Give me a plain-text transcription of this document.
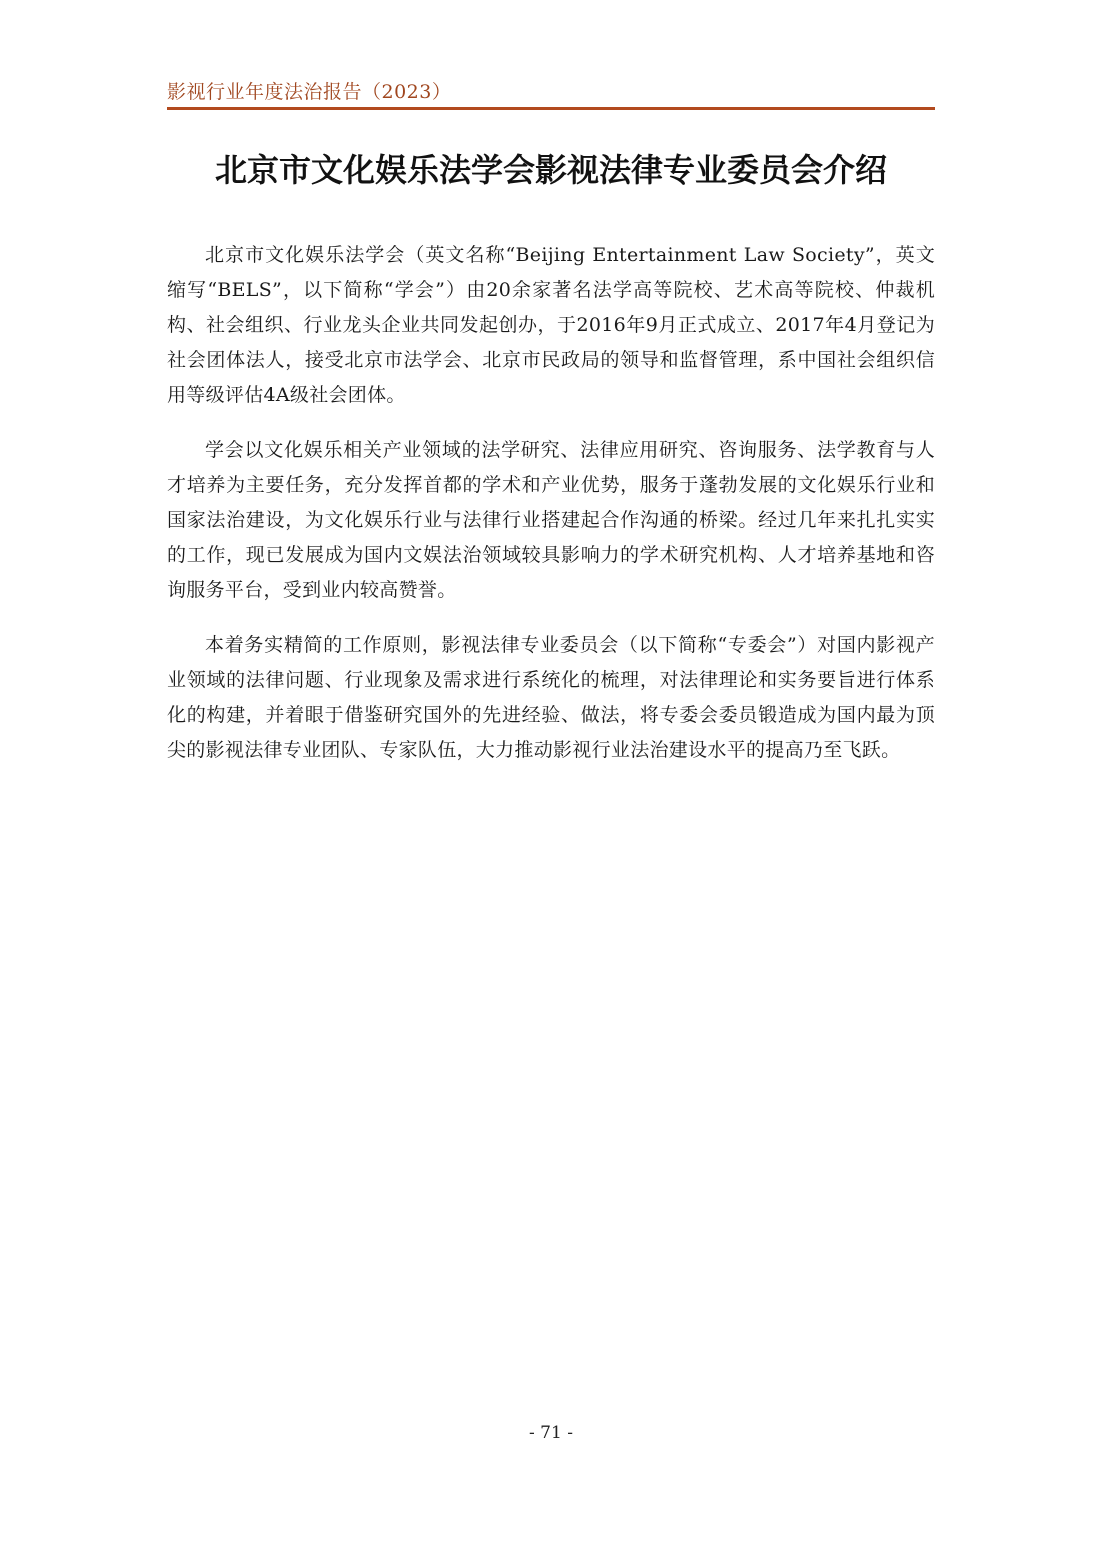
影视行业年度法治报告（2023）
北京市文化娱乐法学会影视法律专业委员会介绍

北京市文化娱乐法学会（英文名称“Beijing Entertainment Law Society”，英文缩写“BELS”，以下简称“学会”）由20余家著名法学高等院校、艺术高等院校、仲裁机构、社会组织、行业龙头企业共同发起创办，于2016年9月正式成立、2017年4月登记为社会团体法人，接受北京市法学会、北京市民政局的领导和监督管理，系中国社会组织信用等级评估4A级社会团体。

学会以文化娱乐相关产业领域的法学研究、法律应用研究、咨询服务、法学教育与人才培养为主要任务，充分发挥首都的学术和产业优势，服务于蓬勃发展的文化娱乐行业和国家法治建设，为文化娱乐行业与法律行业搭建起合作沟通的桥梁。经过几年来扎扎实实的工作，现已发展成为国内文娱法治领域较具影响力的学术研究机构、人才培养基地和咨询服务平台，受到业内较高赞誉。

本着务实精简的工作原则，影视法律专业委员会（以下简称“专委会”）对国内影视产业领域的法律问题、行业现象及需求进行系统化的梳理，对法律理论和实务要旨进行体系化的构建，并着眼于借鉴研究国外的先进经验、做法，将专委会委员锻造成为国内最为顶尖的影视法律专业团队、专家队伍，大力推动影视行业法治建设水平的提高乃至飞跃。

- 71 -
